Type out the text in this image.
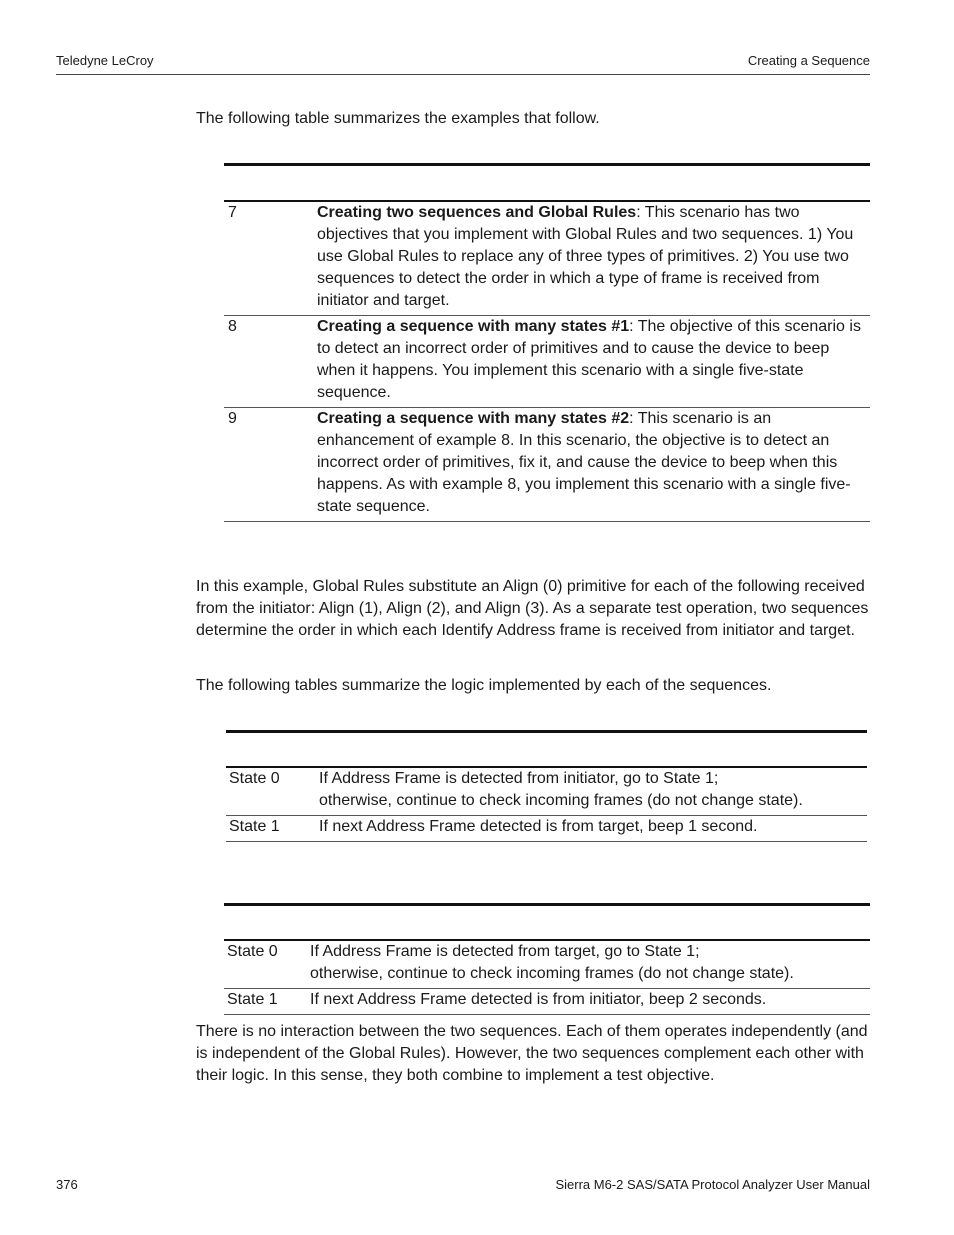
Teledyne LeCroy	Creating a Sequence

The following table summarizes the examples that follow.

7	Creating two sequences and Global Rules: This scenario has two objectives that you implement with Global Rules and two sequences. 1) You use Global Rules to replace any of three types of primitives. 2) You use two sequences to detect the order in which a type of frame is received from initiator and target.
8	Creating a sequence with many states #1: The objective of this scenario is to detect an incorrect order of primitives and to cause the device to beep when it happens. You implement this scenario with a single five-state sequence.
9	Creating a sequence with many states #2: This scenario is an enhancement of example 8. In this scenario, the objective is to detect an incorrect order of primitives, fix it, and cause the device to beep when this happens. As with example 8, you implement this scenario with a single five-state sequence.

In this example, Global Rules substitute an Align (0) primitive for each of the following received from the initiator: Align (1), Align (2), and Align (3). As a separate test operation, two sequences determine the order in which each Identify Address frame is received from initiator and target.

The following tables summarize the logic implemented by each of the sequences.

State 0	If Address Frame is detected from initiator, go to State 1;
otherwise, continue to check incoming frames (do not change state).
State 1	If next Address Frame detected is from target, beep 1 second.
State 0	If Address Frame is detected from target, go to State 1;
otherwise, continue to check incoming frames (do not change state).
State 1	If next Address Frame detected is from initiator, beep 2 seconds.

There is no interaction between the two sequences. Each of them operates independently (and is independent of the Global Rules). However, the two sequences complement each other with their logic. In this sense, they both combine to implement a test objective.

376	Sierra M6-2 SAS/SATA Protocol Analyzer User Manual
